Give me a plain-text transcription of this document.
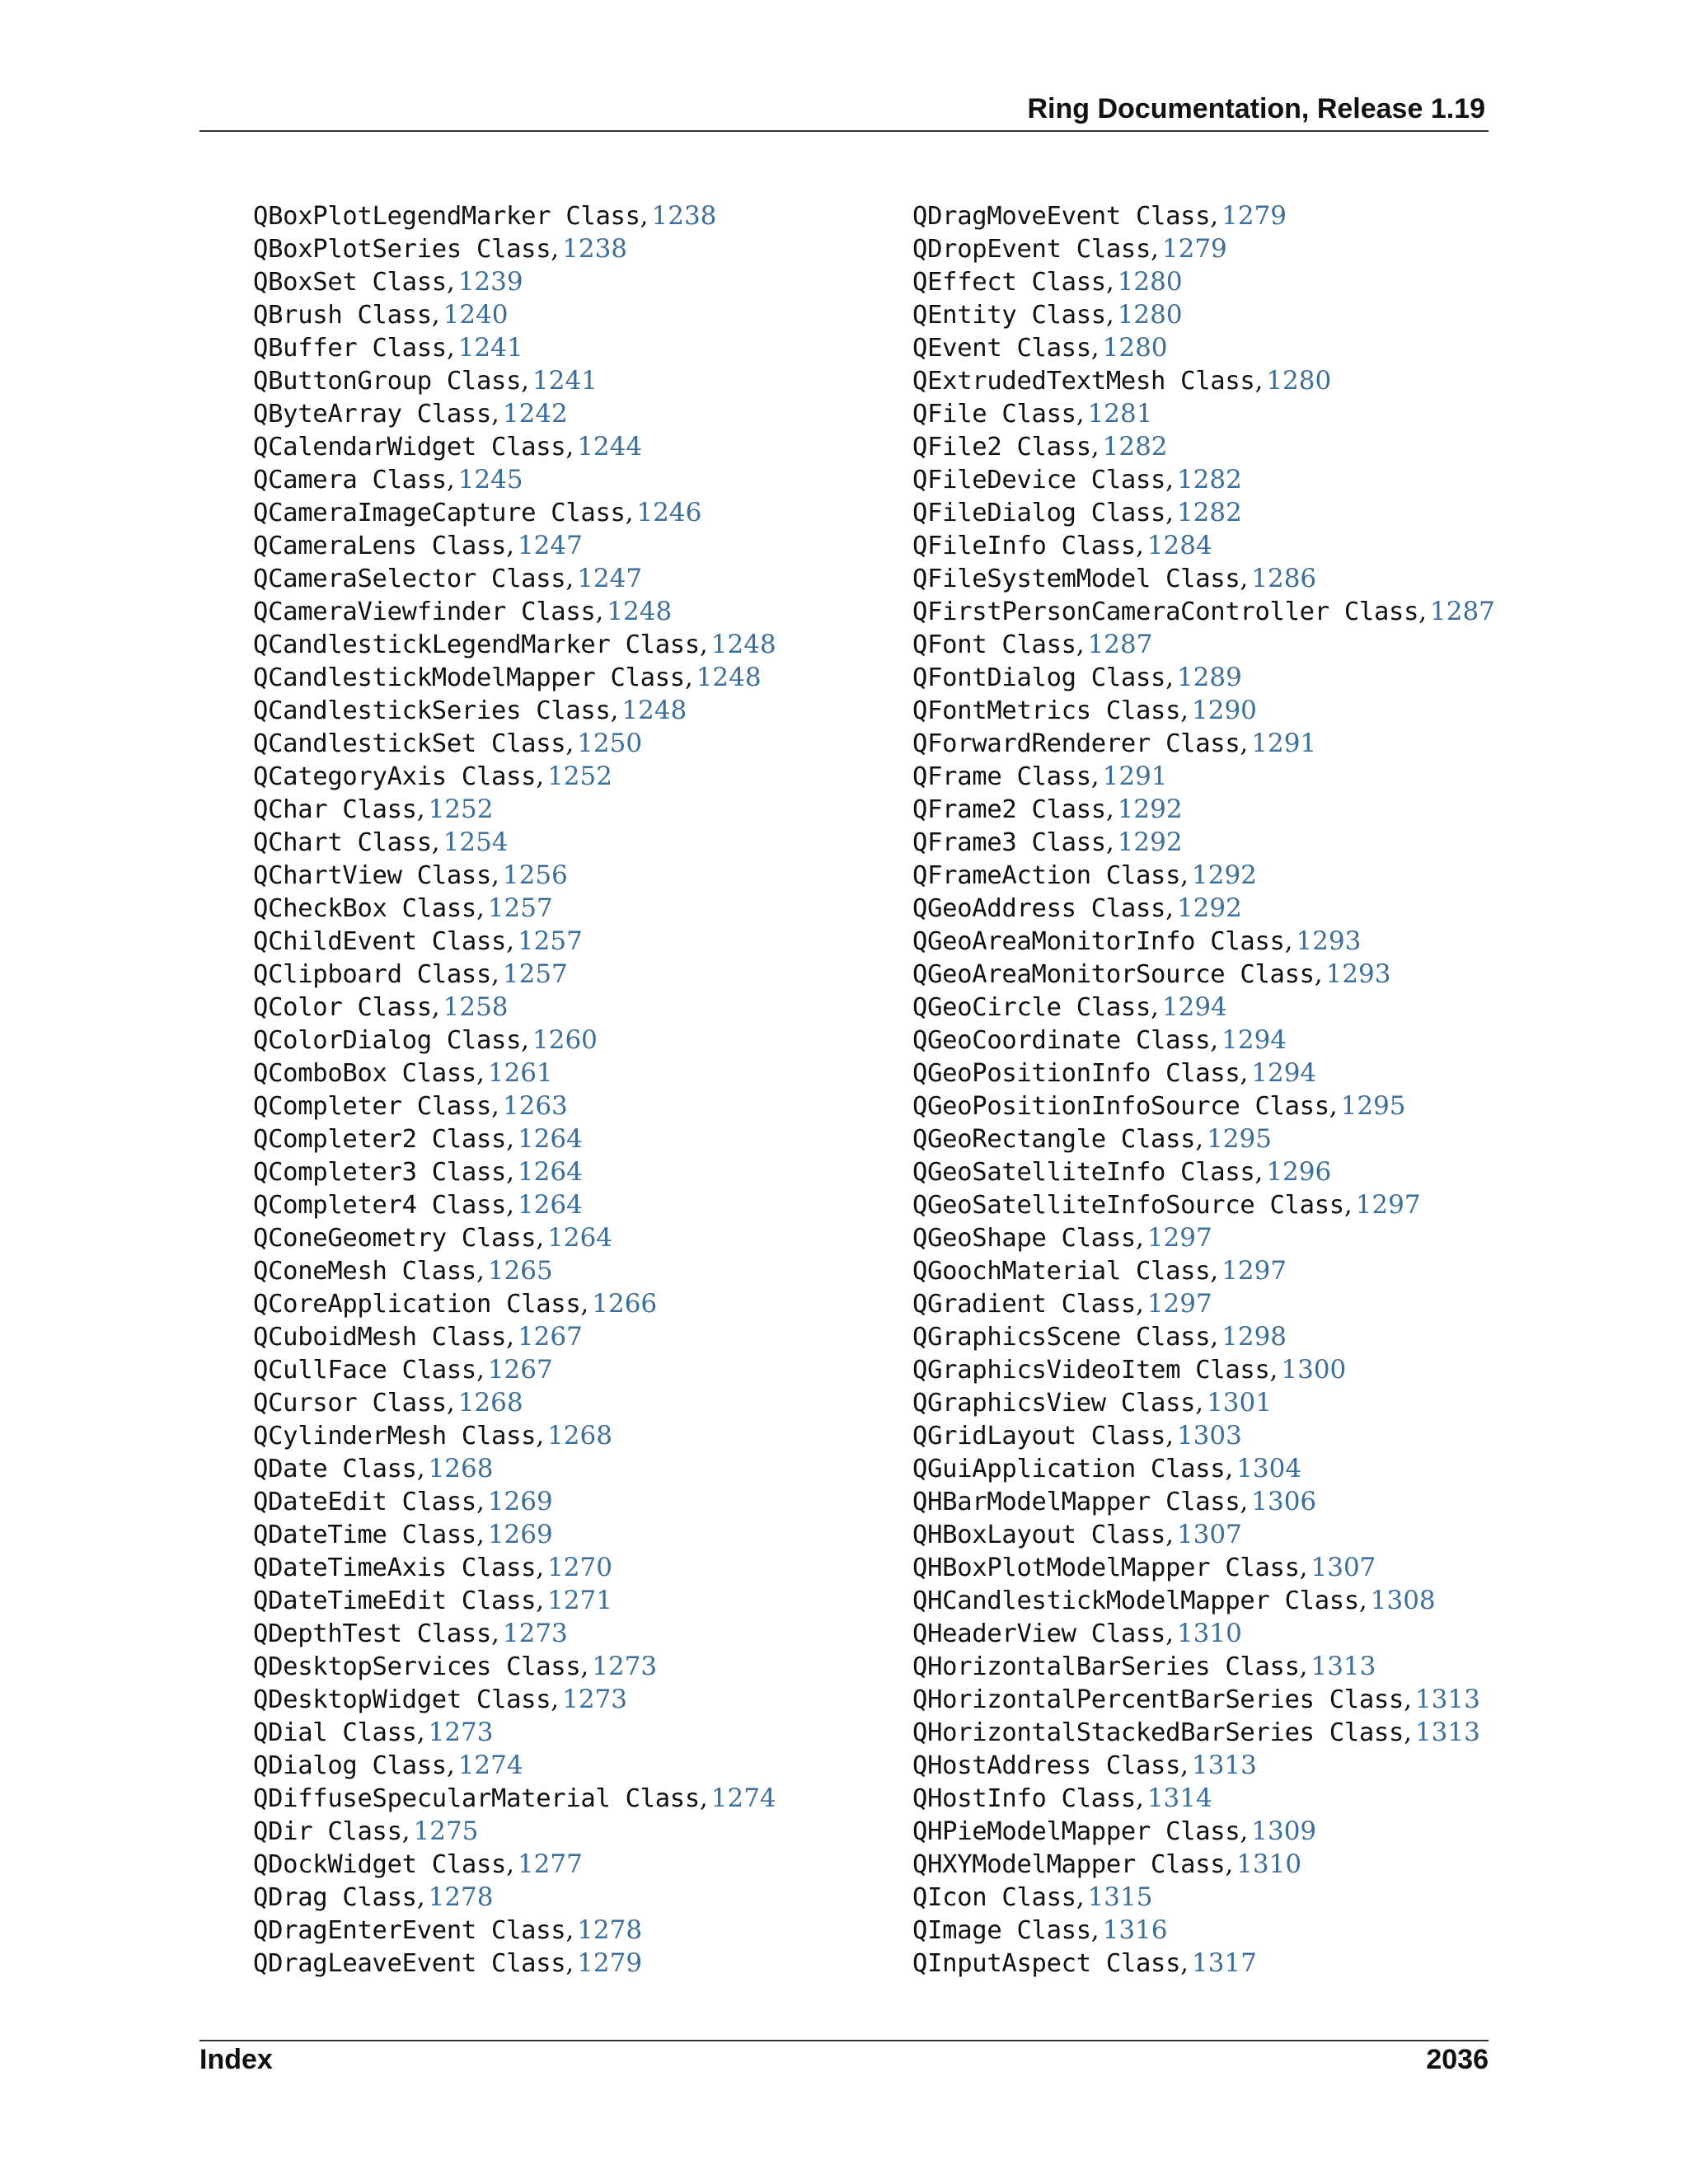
Ring Documentation, Release 1.19
QBoxPlotLegendMarker Class, 1238
QBoxPlotSeries Class, 1238
QBoxSet Class, 1239
QBrush Class, 1240
QBuffer Class, 1241
QButtonGroup Class, 1241
QByteArray Class, 1242
QCalendarWidget Class, 1244
QCamera Class, 1245
QCameraImageCapture Class, 1246
QCameraLens Class, 1247
QCameraSelector Class, 1247
QCameraViewfinder Class, 1248
QCandlestickLegendMarker Class, 1248
QCandlestickModelMapper Class, 1248
QCandlestickSeries Class, 1248
QCandlestickSet Class, 1250
QCategoryAxis Class, 1252
QChar Class, 1252
QChart Class, 1254
QChartView Class, 1256
QCheckBox Class, 1257
QChildEvent Class, 1257
QClipboard Class, 1257
QColor Class, 1258
QColorDialog Class, 1260
QComboBox Class, 1261
QCompleter Class, 1263
QCompleter2 Class, 1264
QCompleter3 Class, 1264
QCompleter4 Class, 1264
QConeGeometry Class, 1264
QConeMesh Class, 1265
QCoreApplication Class, 1266
QCuboidMesh Class, 1267
QCullFace Class, 1267
QCursor Class, 1268
QCylinderMesh Class, 1268
QDate Class, 1268
QDateEdit Class, 1269
QDateTime Class, 1269
QDateTimeAxis Class, 1270
QDateTimeEdit Class, 1271
QDepthTest Class, 1273
QDesktopServices Class, 1273
QDesktopWidget Class, 1273
QDial Class, 1273
QDialog Class, 1274
QDiffuseSpecularMaterial Class, 1274
QDir Class, 1275
QDockWidget Class, 1277
QDrag Class, 1278
QDragEnterEvent Class, 1278
QDragLeaveEvent Class, 1279
QDragMoveEvent Class, 1279
QDropEvent Class, 1279
QEffect Class, 1280
QEntity Class, 1280
QEvent Class, 1280
QExtrudedTextMesh Class, 1280
QFile Class, 1281
QFile2 Class, 1282
QFileDevice Class, 1282
QFileDialog Class, 1282
QFileInfo Class, 1284
QFileSystemModel Class, 1286
QFirstPersonCameraController Class, 1287
QFont Class, 1287
QFontDialog Class, 1289
QFontMetrics Class, 1290
QForwardRenderer Class, 1291
QFrame Class, 1291
QFrame2 Class, 1292
QFrame3 Class, 1292
QFrameAction Class, 1292
QGeoAddress Class, 1292
QGeoAreaMonitorInfo Class, 1293
QGeoAreaMonitorSource Class, 1293
QGeoCircle Class, 1294
QGeoCoordinate Class, 1294
QGeoPositionInfo Class, 1294
QGeoPositionInfoSource Class, 1295
QGeoRectangle Class, 1295
QGeoSatelliteInfo Class, 1296
QGeoSatelliteInfoSource Class, 1297
QGeoShape Class, 1297
QGoochMaterial Class, 1297
QGradient Class, 1297
QGraphicsScene Class, 1298
QGraphicsVideoItem Class, 1300
QGraphicsView Class, 1301
QGridLayout Class, 1303
QGuiApplication Class, 1304
QHBarModelMapper Class, 1306
QHBoxLayout Class, 1307
QHBoxPlotModelMapper Class, 1307
QHCandlestickModelMapper Class, 1308
QHeaderView Class, 1310
QHorizontalBarSeries Class, 1313
QHorizontalPercentBarSeries Class, 1313
QHorizontalStackedBarSeries Class, 1313
QHostAddress Class, 1313
QHostInfo Class, 1314
QHPieModelMapper Class, 1309
QHXYModelMapper Class, 1310
QIcon Class, 1315
QImage Class, 1316
QInputAspect Class, 1317
Index	2036
